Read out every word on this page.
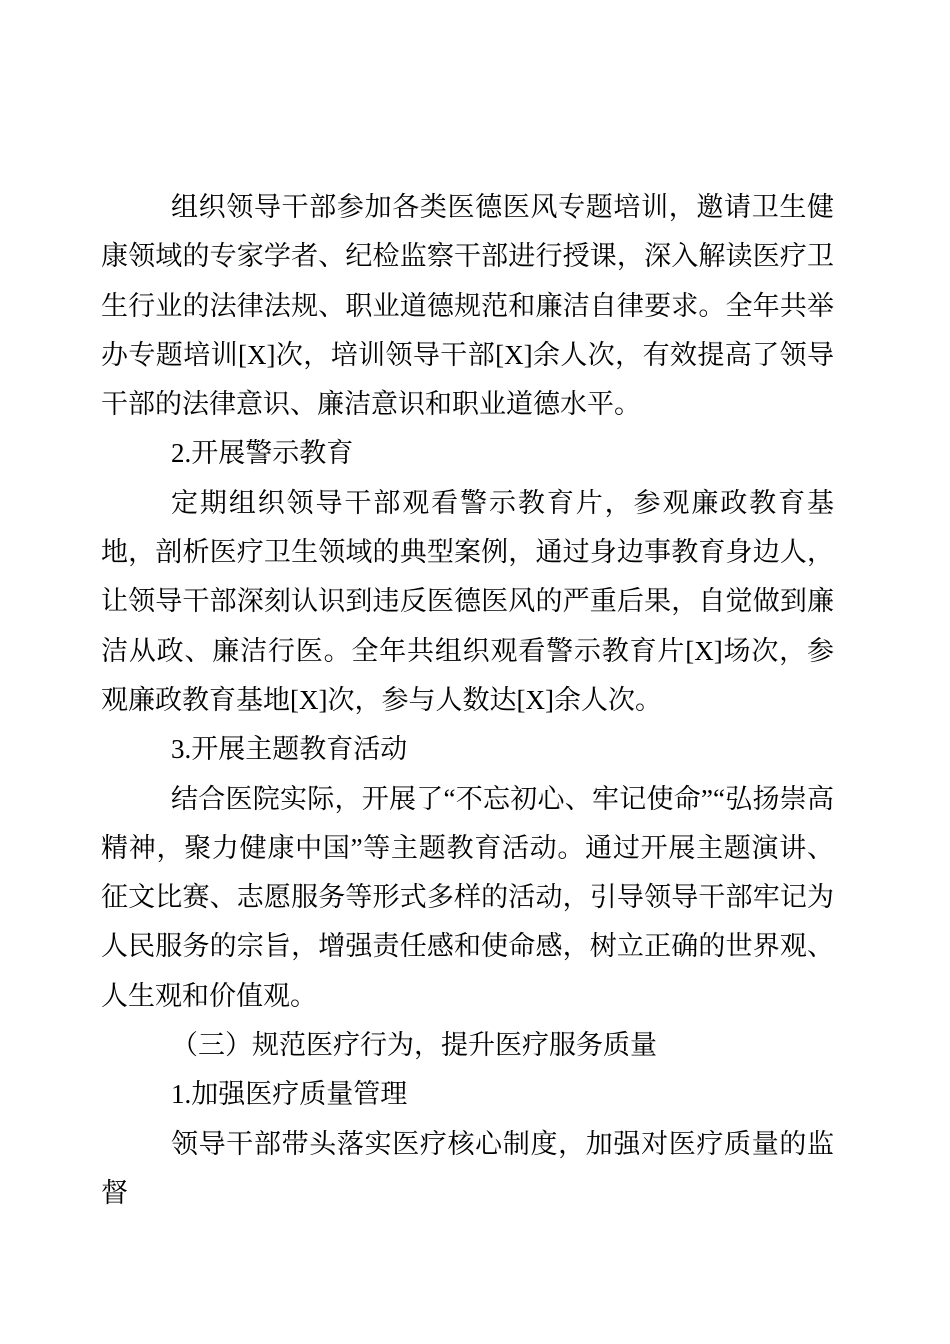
组织领导干部参加各类医德医风专题培训，邀请卫生健康领域的专家学者、纪检监察干部进行授课，深入解读医疗卫生行业的法律法规、职业道德规范和廉洁自律要求。全年共举办专题培训[X]次，培训领导干部[X]余人次，有效提高了领导干部的法律意识、廉洁意识和职业道德水平。

2.开展警示教育

定期组织领导干部观看警示教育片，参观廉政教育基地，剖析医疗卫生领域的典型案例，通过身边事教育身边人，让领导干部深刻认识到违反医德医风的严重后果，自觉做到廉洁从政、廉洁行医。全年共组织观看警示教育片[X]场次，参观廉政教育基地[X]次，参与人数达[X]余人次。

3.开展主题教育活动

结合医院实际，开展了“不忘初心、牢记使命”“弘扬崇高精神，聚力健康中国”等主题教育活动。通过开展主题演讲、征文比赛、志愿服务等形式多样的活动，引导领导干部牢记为人民服务的宗旨，增强责任感和使命感，树立正确的世界观、人生观和价值观。

（三）规范医疗行为，提升医疗服务质量

1.加强医疗质量管理

领导干部带头落实医疗核心制度，加强对医疗质量的监督
